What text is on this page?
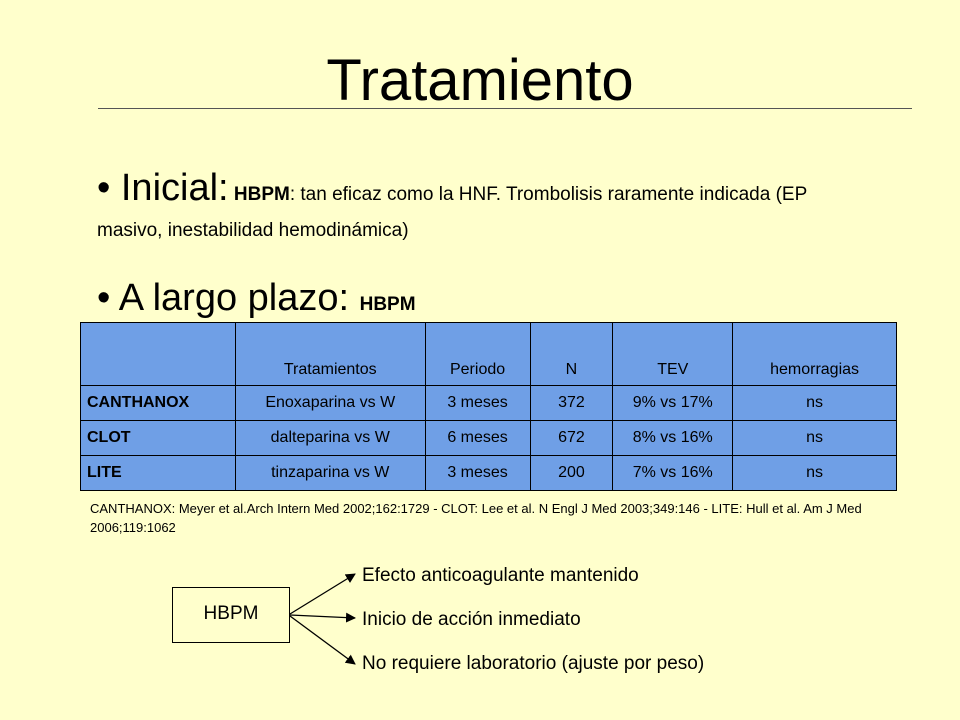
Tratamiento
• Inicial: HBPM: tan eficaz como la HNF. Trombolisis raramente indicada (EP masivo, inestabilidad hemodinámica)
• A largo plazo: HBPM
	Tratamientos	Periodo	N	TEV	hemorragias
CANTHANOX	Enoxaparina vs W	3 meses	372	9% vs 17%	ns
CLOT	dalteparina vs W	6 meses	672	8% vs 16%	ns
LITE	tinzaparina vs W	3 meses	200	7% vs 16%	ns
CANTHANOX: Meyer et al.Arch Intern Med 2002;162:1729 - CLOT: Lee et al. N Engl J Med 2003;349:146 - LITE: Hull et al. Am J Med 2006;119:1062
HBPM
Efecto anticoagulante mantenido
Inicio de acción inmediato
No requiere laboratorio (ajuste por peso)
